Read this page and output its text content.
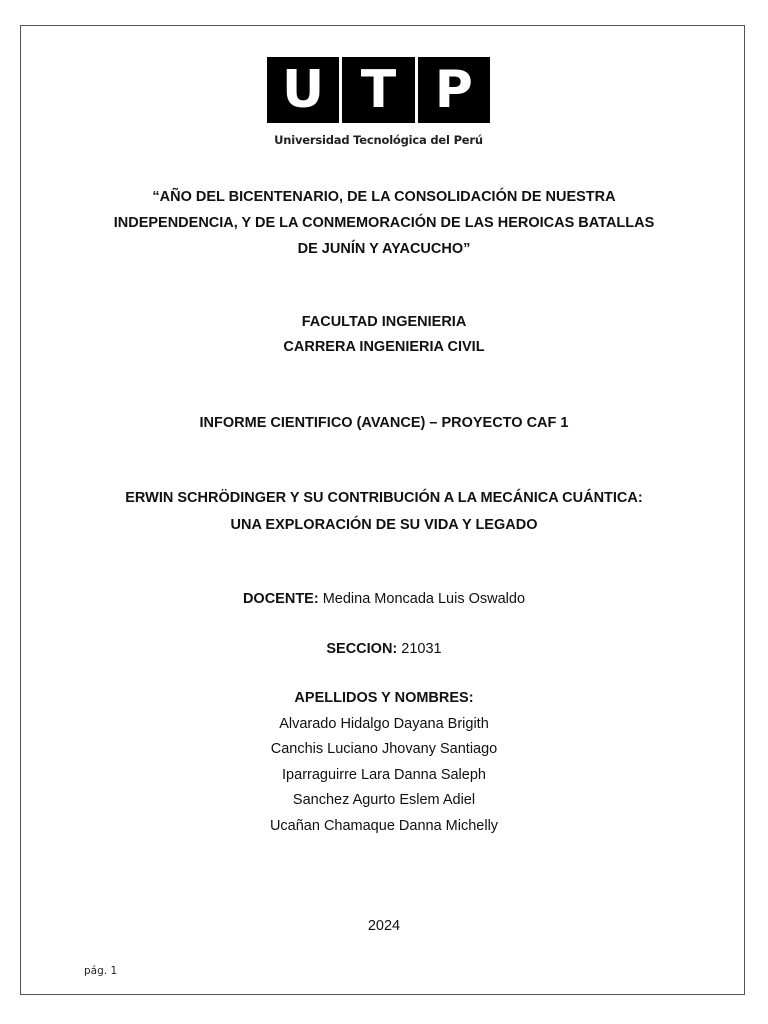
U T P
Universidad Tecnológica del Perú
“AÑO DEL BICENTENARIO, DE LA CONSOLIDACIÓN DE NUESTRA
INDEPENDENCIA, Y DE LA CONMEMORACIÓN DE LAS HEROICAS BATALLAS
DE JUNÍN Y AYACUCHO”
FACULTAD INGENIERIA
CARRERA INGENIERIA CIVIL
INFORME CIENTIFICO (AVANCE) – PROYECTO CAF 1
ERWIN SCHRÖDINGER Y SU CONTRIBUCIÓN A LA MECÁNICA CUÁNTICA:
UNA EXPLORACIÓN DE SU VIDA Y LEGADO
DOCENTE: Medina Moncada Luis Oswaldo
SECCION: 21031
APELLIDOS Y NOMBRES:
Alvarado Hidalgo Dayana Brigith
Canchis Luciano Jhovany Santiago
Iparraguirre Lara Danna Saleph
Sanchez Agurto Eslem Adiel
Ucañan Chamaque Danna Michelly
2024
pág. 1
